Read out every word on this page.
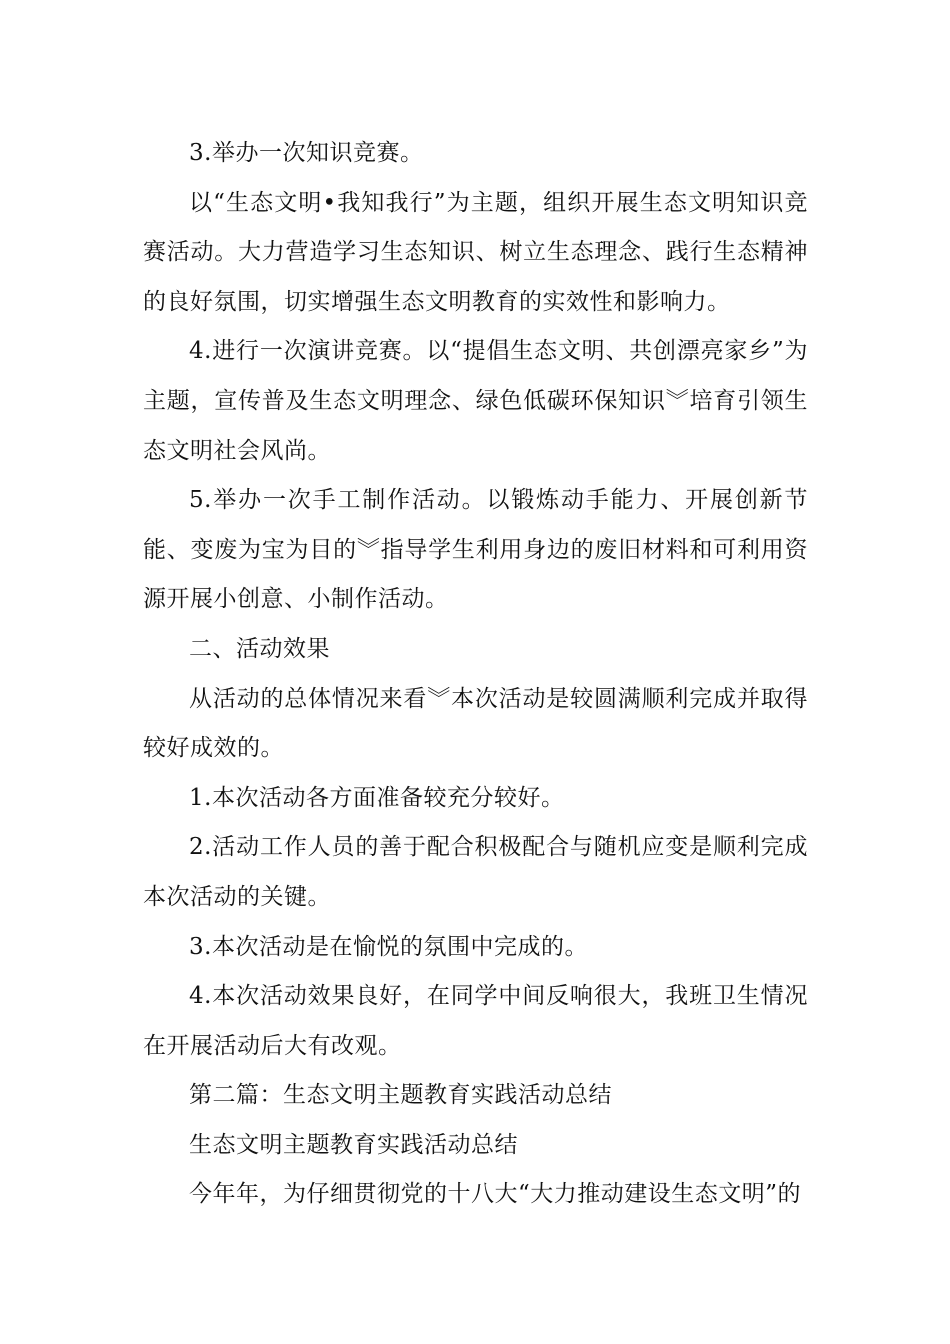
3.举办一次知识竞赛。

以“生态文明•我知我行”为主题，组织开展生态文明知识竞赛活动。大力营造学习生态知识、树立生态理念、践行生态精神的良好氛围，切实增强生态文明教育的实效性和影响力。

4.进行一次演讲竞赛。以“提倡生态文明、共创漂亮家乡”为主题，宣传普及生态文明理念、绿色低碳环保知识︾培育引领生态文明社会风尚。

5.举办一次手工制作活动。以锻炼动手能力、开展创新节能、变废为宝为目的︾指导学生利用身边的废旧材料和可利用资源开展小创意、小制作活动。

二、活动效果

从活动的总体情况来看︾本次活动是较圆满顺利完成并取得较好成效的。

1.本次活动各方面准备较充分较好。

2.活动工作人员的善于配合积极配合与随机应变是顺利完成本次活动的关键。

3.本次活动是在愉悦的氛围中完成的。

4.本次活动效果良好，在同学中间反响很大，我班卫生情况在开展活动后大有改观。

第二篇：生态文明主题教育实践活动总结

生态文明主题教育实践活动总结

今年年，为仔细贯彻党的十八大“大力推动建设生态文明”的
